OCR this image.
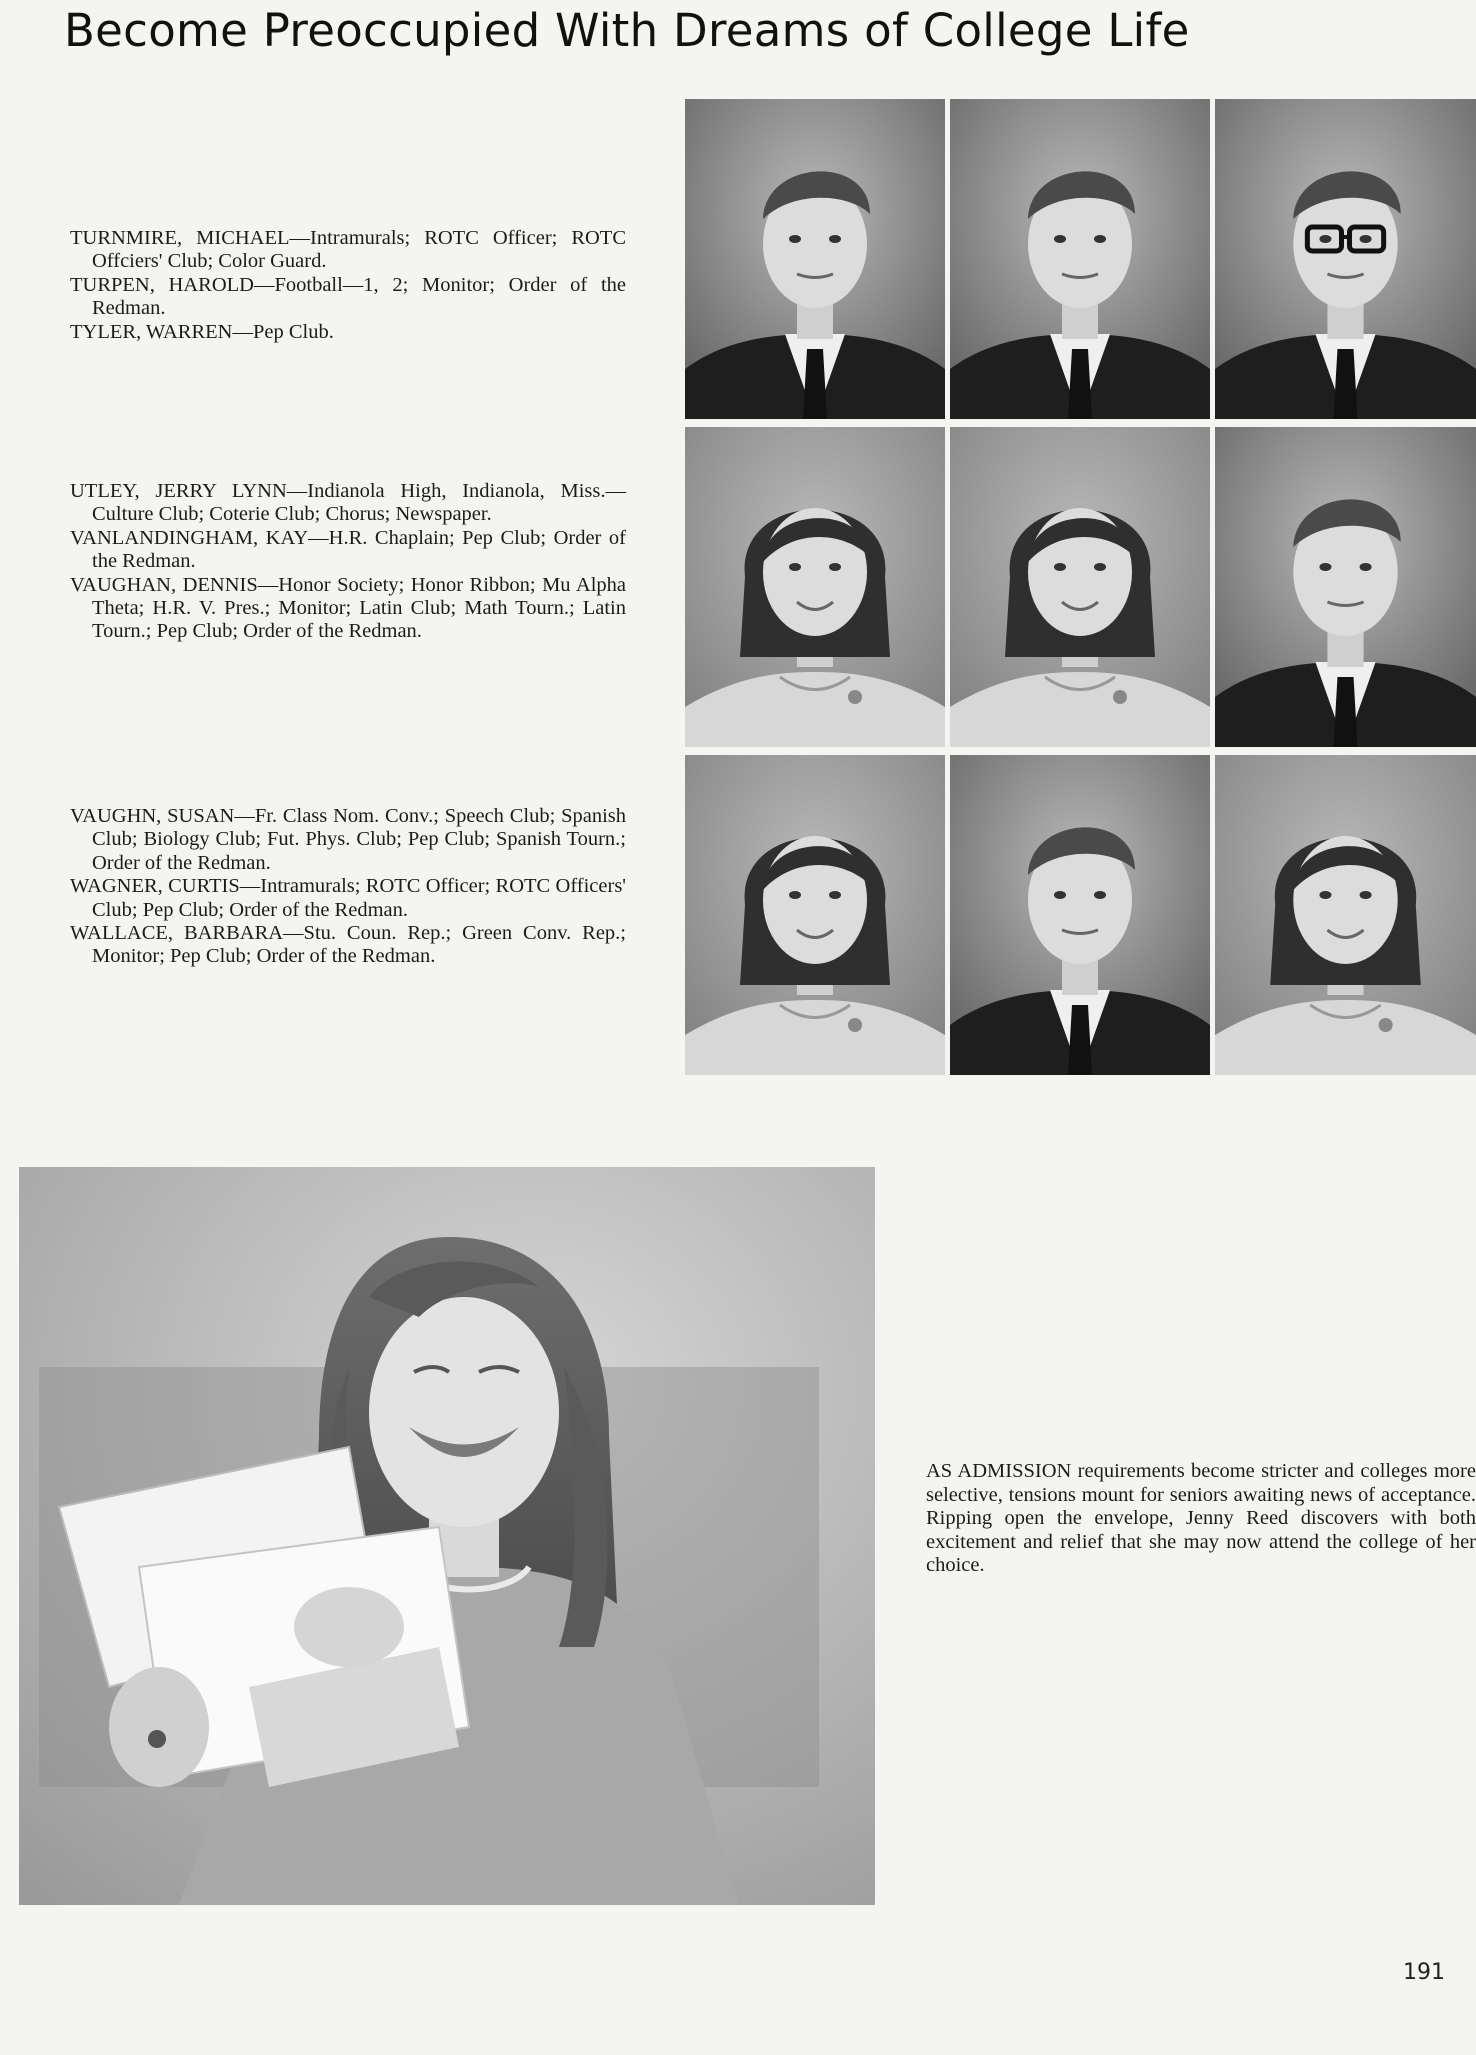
Become Preoccupied With Dreams of College Life

TURNMIRE, MICHAEL—Intramurals; ROTC Officer; ROTC Offciers' Club; Color Guard.

TURPEN, HAROLD—Football—1, 2; Monitor; Order of the Redman.

TYLER, WARREN—Pep Club.

UTLEY, JERRY LYNN—Indianola High, Indianola, Miss.—Culture Club; Coterie Club; Chorus; Newspaper.

VANLANDINGHAM, KAY—H.R. Chaplain; Pep Club; Order of the Redman.

VAUGHAN, DENNIS—Honor Society; Honor Ribbon; Mu Alpha Theta; H.R. V. Pres.; Monitor; Latin Club; Math Tourn.; Latin Tourn.; Pep Club; Order of the Redman.

VAUGHN, SUSAN—Fr. Class Nom. Conv.; Speech Club; Spanish Club; Biology Club; Fut. Phys. Club; Pep Club; Spanish Tourn.; Order of the Redman.

WAGNER, CURTIS—Intramurals; ROTC Officer; ROTC Officers' Club; Pep Club; Order of the Redman.

WALLACE, BARBARA—Stu. Coun. Rep.; Green Conv. Rep.; Monitor; Pep Club; Order of the Redman.

AS ADMISSION requirements become stricter and colleges more selective, tensions mount for seniors awaiting news of acceptance. Ripping open the envelope, Jenny Reed discovers with both excitement and relief that she may now attend the college of her choice.

191
